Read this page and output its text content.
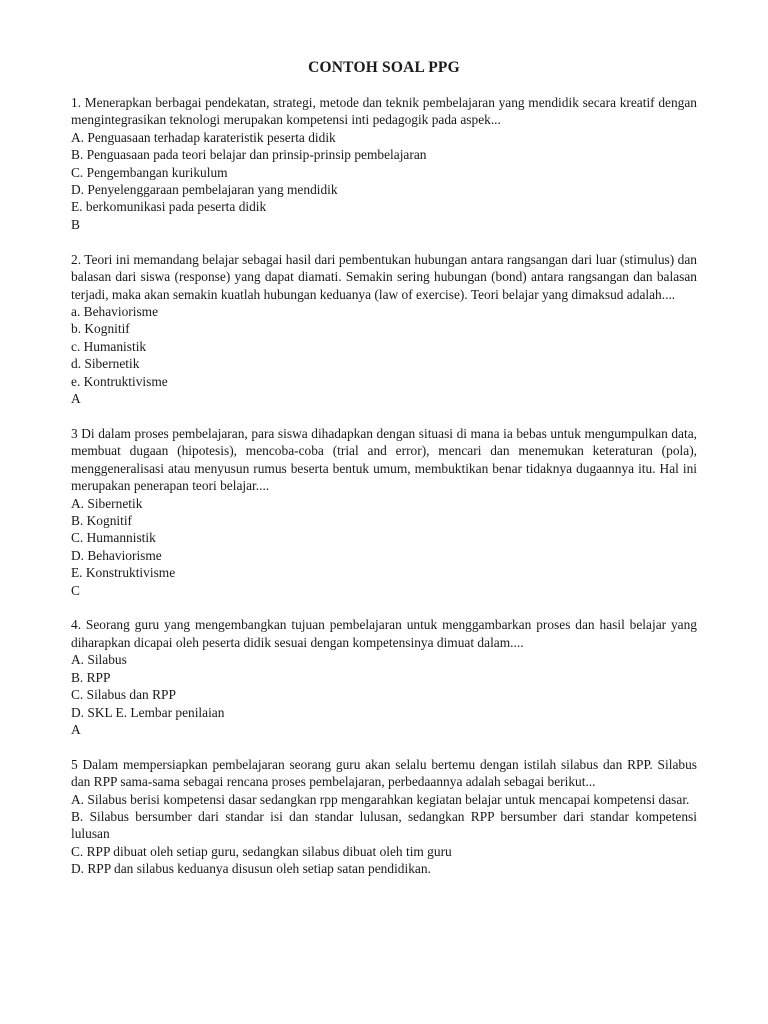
CONTOH SOAL PPG

1. Menerapkan berbagai pendekatan, strategi, metode dan teknik pembelajaran yang mendidik secara kreatif dengan mengintegrasikan teknologi merupakan kompetensi inti pedagogik pada aspek...

A. Penguasaan terhadap karateristik peserta didik

B. Penguasaan pada teori belajar dan prinsip-prinsip pembelajaran

C. Pengembangan kurikulum

D. Penyelenggaraan pembelajaran yang mendidik

E. berkomunikasi pada peserta didik

B

2. Teori ini memandang belajar sebagai hasil dari pembentukan hubungan antara rangsangan dari luar (stimulus) dan balasan dari siswa (response) yang dapat diamati. Semakin sering hubungan (bond) antara rangsangan dan balasan terjadi, maka akan semakin kuatlah hubungan keduanya (law of exercise). Teori belajar yang dimaksud adalah....

a. Behaviorisme

b. Kognitif

c. Humanistik

d. Sibernetik

e. Kontruktivisme

A

3 Di dalam proses pembelajaran, para siswa dihadapkan dengan situasi di mana ia bebas untuk mengumpulkan data, membuat dugaan (hipotesis), mencoba-coba (trial and error), mencari dan menemukan keteraturan (pola), menggeneralisasi atau menyusun rumus beserta bentuk umum, membuktikan benar tidaknya dugaannya itu. Hal ini merupakan penerapan teori belajar....

A. Sibernetik

B. Kognitif

C. Humannistik

D. Behaviorisme

E. Konstruktivisme

C

4. Seorang guru yang mengembangkan tujuan pembelajaran untuk menggambarkan proses dan hasil belajar yang diharapkan dicapai oleh peserta didik sesuai dengan kompetensinya dimuat dalam....

A. Silabus

B. RPP

C. Silabus dan RPP

D. SKL E. Lembar penilaian

A

5 Dalam mempersiapkan pembelajaran seorang guru akan selalu bertemu dengan istilah silabus dan RPP. Silabus dan RPP sama-sama sebagai rencana proses pembelajaran, perbedaannya adalah sebagai berikut...

A. Silabus berisi kompetensi dasar sedangkan rpp mengarahkan kegiatan belajar untuk mencapai kompetensi dasar.

B. Silabus bersumber dari standar isi dan standar lulusan, sedangkan RPP bersumber dari standar kompetensi lulusan

C. RPP dibuat oleh setiap guru, sedangkan silabus dibuat oleh tim guru

D. RPP dan silabus keduanya disusun oleh setiap satan pendidikan.
